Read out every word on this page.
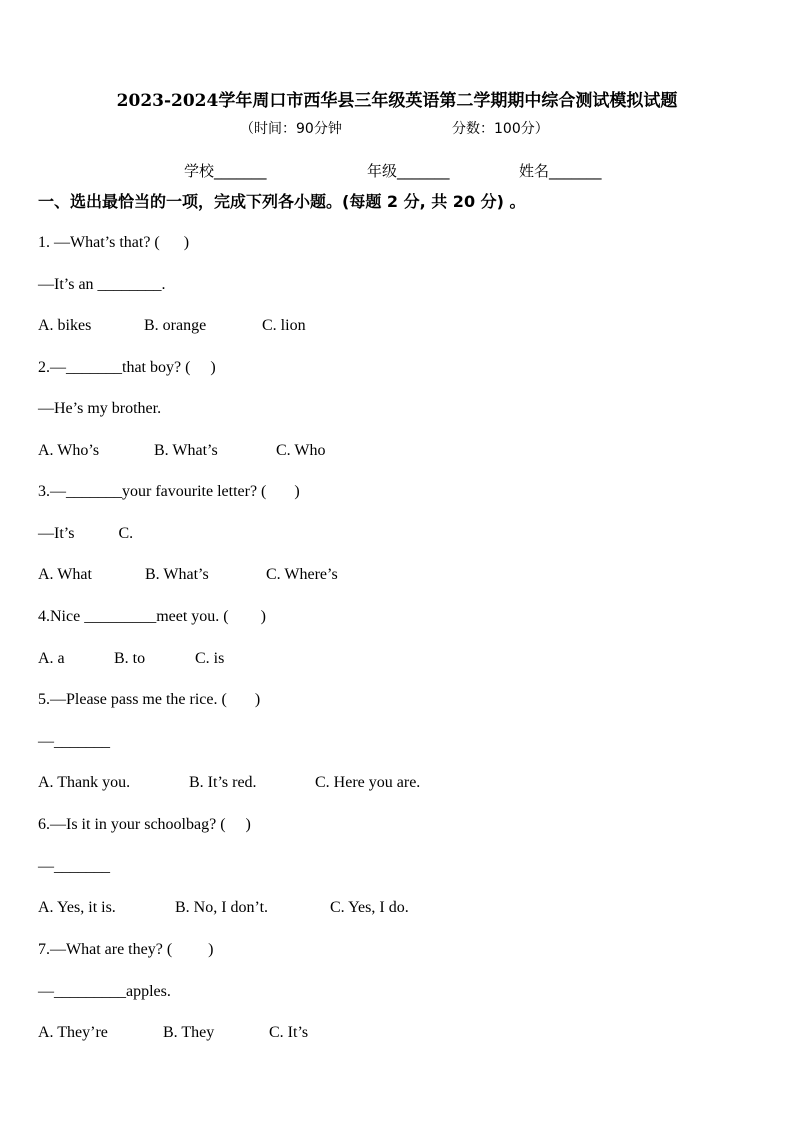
2023-2024学年周口市西华县三年级英语第二学期期中综合测试模拟试题
（时间：90分钟	分数：100分）
学校_______	年级_______	姓名_______
一、选出最恰当的一项，完成下列各小题。(每题 2 分, 共 20 分) 。
1. —What’s that? (      )
—It’s an ________.
A. bikes	B. orange	C. lion
2.—_______that boy? (     )
—He’s my brother.
A. Who’s	B. What’s	C. Who
3.—_______your favourite letter? (       )
—It’s           C.
A. What	B. What’s	C. Where’s
4.Nice _________meet you. (        )
A. a	B. to	C. is
5.—Please pass me the rice. (       )
—_______
A. Thank you.	B. It’s red.	C. Here you are.
6.—Is it in your schoolbag? (     )
—_______
A. Yes, it is.	B. No, I don’t.	C. Yes, I do.
7.—What are they? (         )
—_________apples.
A. They’re	B. They	C. It’s
